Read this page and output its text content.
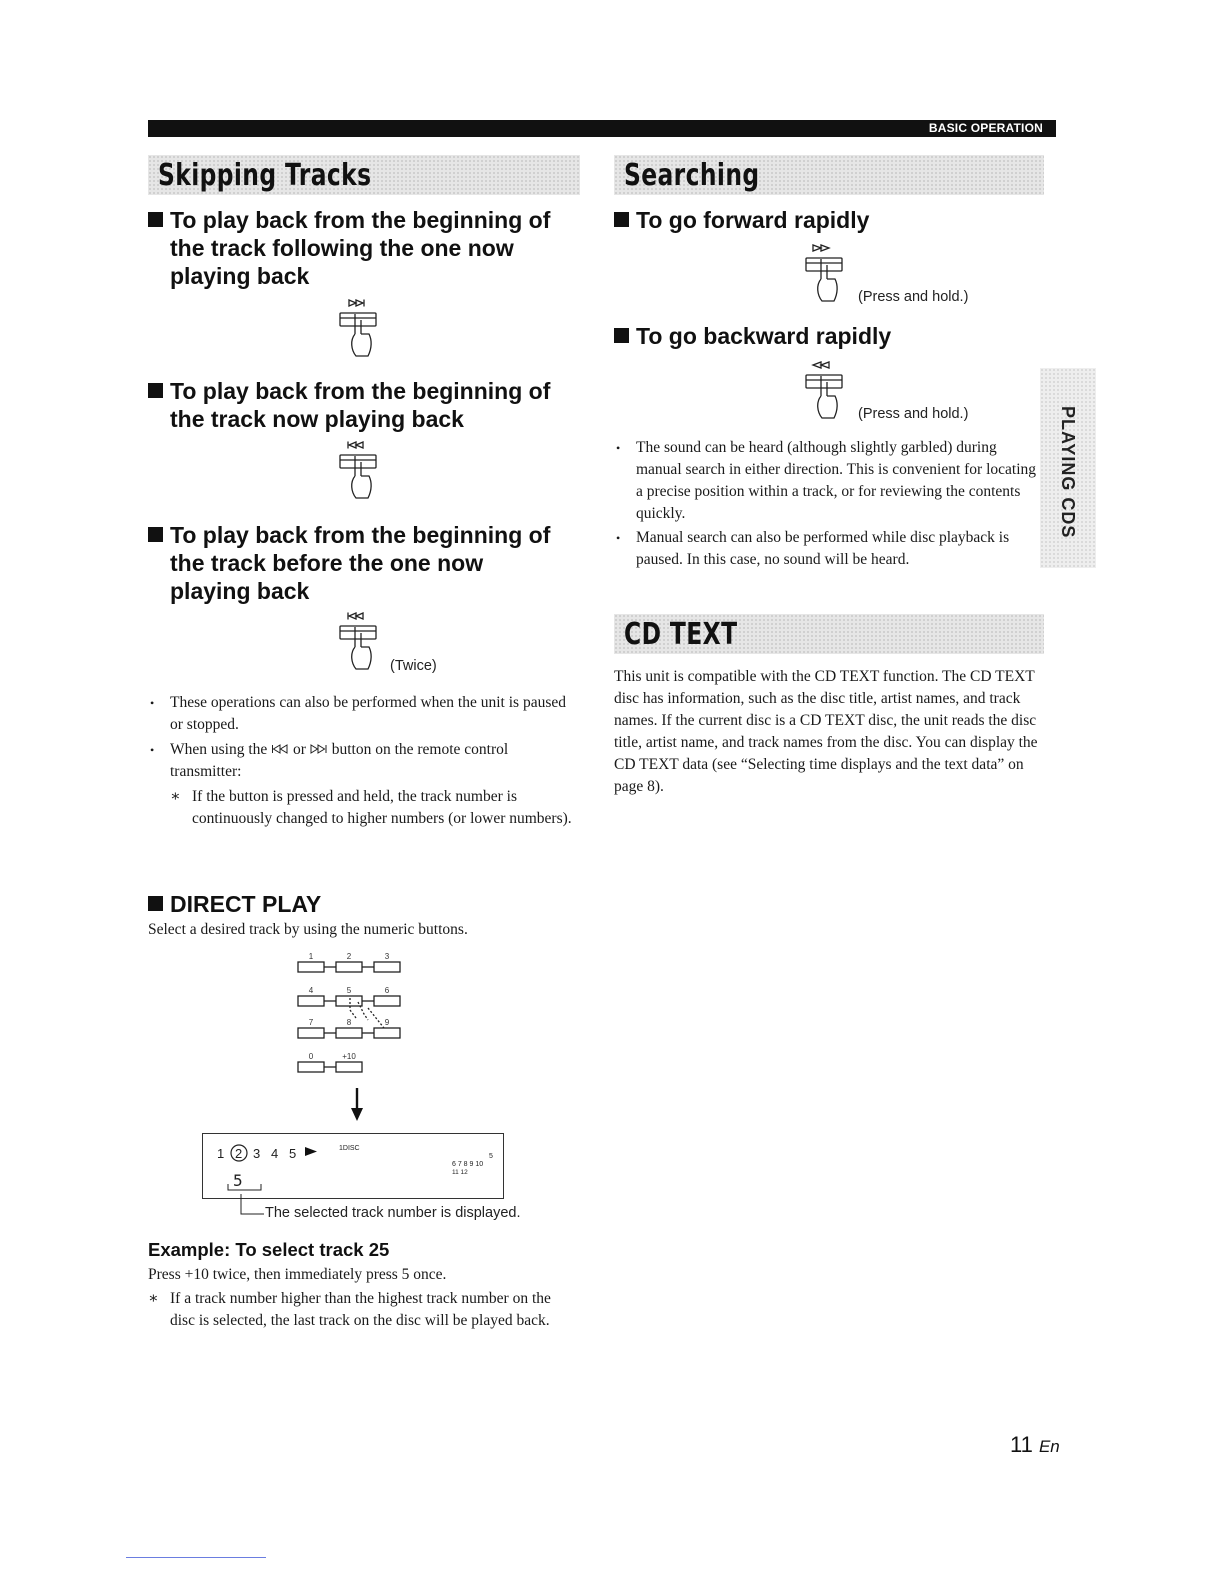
BASIC OPERATION
Skipping Tracks
To play back from the beginning of
the track following the one now
playing back
To play back from the beginning of
the track now playing back
To play back from the beginning of
the track before the one now
playing back
(Twice)
• These operations can also be performed when the unit is paused or stopped.
• When using the or button on the remote control transmitter:
∗ If the button is pressed and held, the track number is continuously changed to higher numbers (or lower numbers).
DIRECT PLAY
Select a desired track by using the numeric buttons.
1	2	3
4	5	6
7	8	9
0	+10
1 2 3 4 5	1DISC
6 7 8 9 10
11 12
5
5
The selected track number is displayed.
Example: To select track 25
Press +10 twice, then immediately press 5 once.
∗ If a track number higher than the highest track number on the disc is selected, the last track on the disc will be played back.
Searching
To go forward rapidly
(Press and hold.)
To go backward rapidly
(Press and hold.)
• The sound can be heard (although slightly garbled) during manual search in either direction. This is convenient for locating a precise position within a track, or for reviewing the contents quickly.
• Manual search can also be performed while disc playback is paused. In this case, no sound will be heard.
CD TEXT
This unit is compatible with the CD TEXT function. The CD TEXT disc has information, such as the disc title, artist names, and track names. If the current disc is a CD TEXT disc, the unit reads the disc title, artist name, and track names from the disc. You can display the CD TEXT data (see “Selecting time displays and the text data” on page 8).
PLAYING CDS
11 En
